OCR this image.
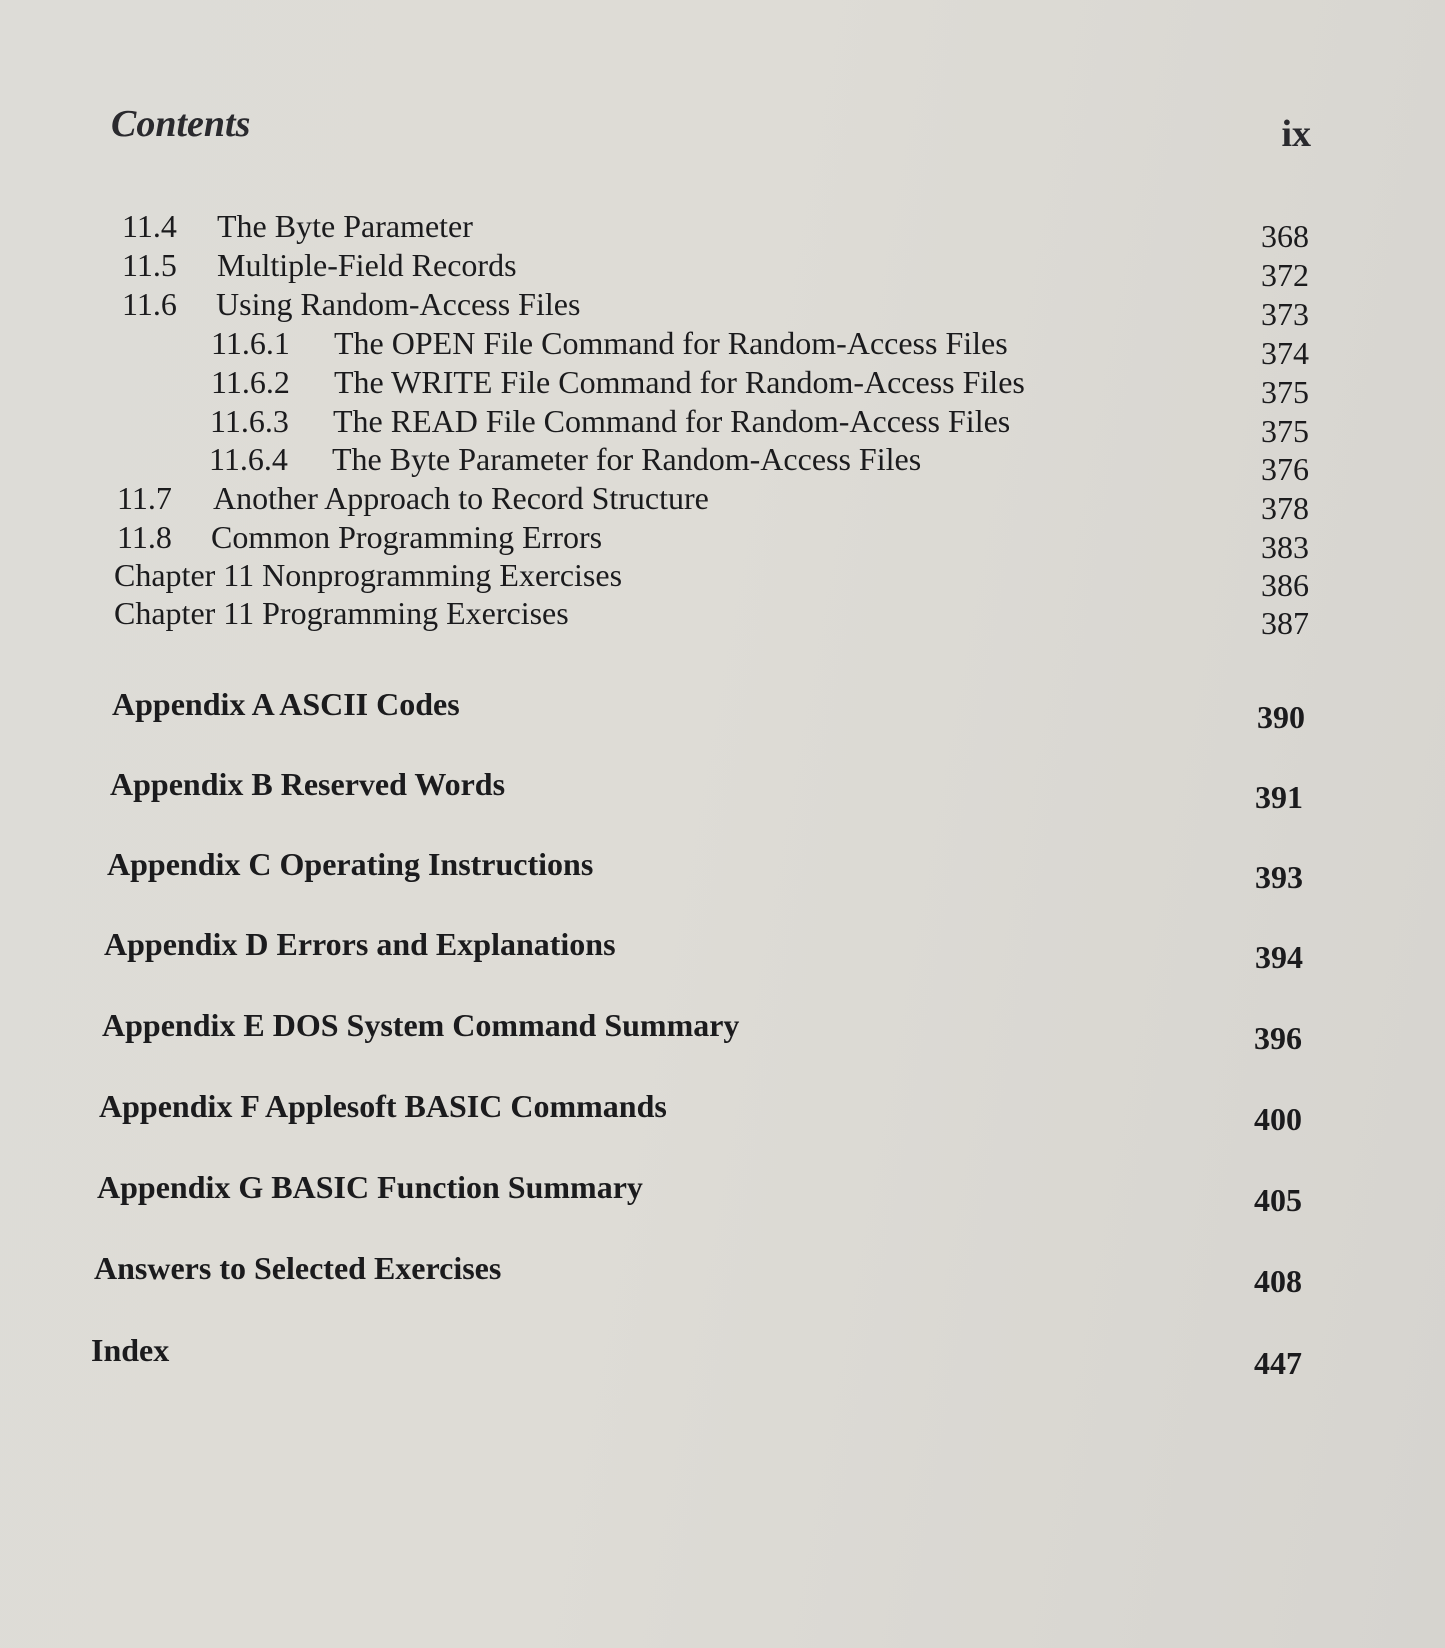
Contents	ix
11.4 The Byte Parameter	368
11.5 Multiple-Field Records	372
11.6 Using Random-Access Files	373
11.6.1 The OPEN File Command for Random-Access Files	374
11.6.2 The WRITE File Command for Random-Access Files	375
11.6.3 The READ File Command for Random-Access Files	375
11.6.4 The Byte Parameter for Random-Access Files	376
11.7 Another Approach to Record Structure	378
11.8 Common Programming Errors	383
Chapter 11 Nonprogramming Exercises	386
Chapter 11 Programming Exercises	387
Appendix A ASCII Codes	390
Appendix B Reserved Words	391
Appendix C Operating Instructions	393
Appendix D Errors and Explanations	394
Appendix E DOS System Command Summary	396
Appendix F Applesoft BASIC Commands	400
Appendix G BASIC Function Summary	405
Answers to Selected Exercises	408
Index	447
